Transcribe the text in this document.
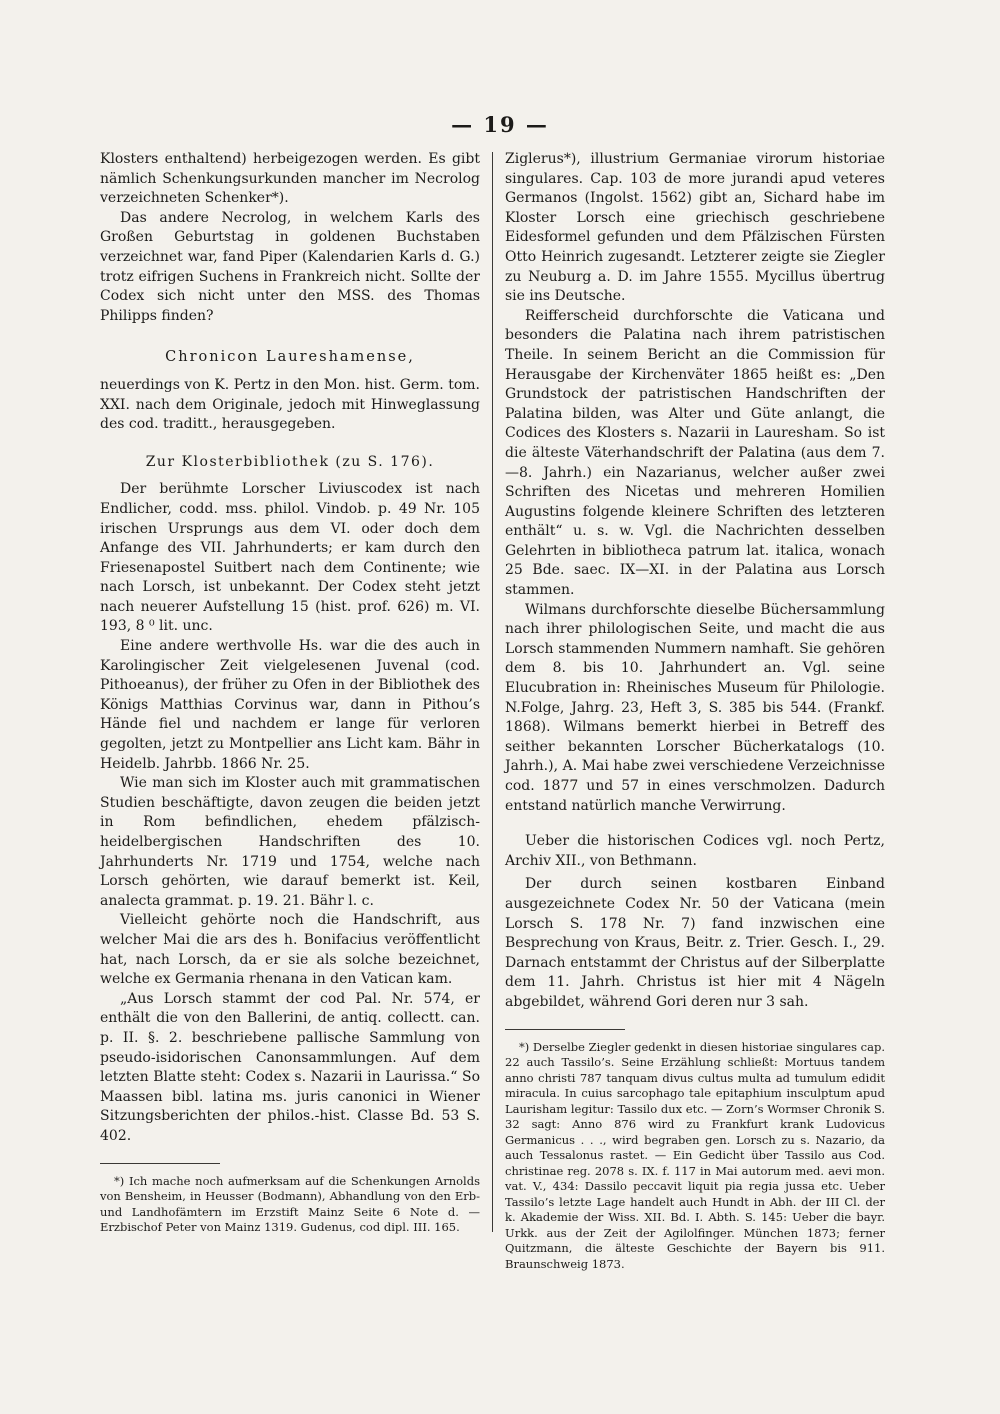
— 19 —

Klosters enthaltend) herbeigezogen werden. Es gibt nämlich Schenkungsurkunden mancher im Necrolog verzeichneten Schenker*).

Das andere Necrolog, in welchem Karls des Großen Geburtstag in goldenen Buchstaben verzeichnet war, fand Piper (Kalendarien Karls d. G.) trotz eifrigen Suchens in Frankreich nicht. Sollte der Codex sich nicht unter den MSS. des Thomas Philipps finden?

Chronicon Laureshamense,

neuerdings von K. Pertz in den Mon. hist. Germ. tom. XXI. nach dem Originale, jedoch mit Hinweglassung des cod. traditt., herausgegeben.

Zur Klosterbibliothek (zu S. 176).

Der berühmte Lorscher Liviuscodex ist nach Endlicher, codd. mss. philol. Vindob. p. 49 Nr. 105 irischen Ursprungs aus dem VI. oder doch dem Anfange des VII. Jahrhunderts; er kam durch den Friesenapostel Suitbert nach dem Continente; wie nach Lorsch, ist unbekannt. Der Codex steht jetzt nach neuerer Aufstellung 15 (hist. prof. 626) m. VI. 193, 8 ⁰ lit. unc.

Eine andere werthvolle Hs. war die des auch in Karolingischer Zeit vielgelesenen Juvenal (cod. Pithoeanus), der früher zu Ofen in der Bibliothek des Königs Matthias Corvinus war, dann in Pithou’s Hände fiel und nachdem er lange für verloren gegolten, jetzt zu Montpellier ans Licht kam. Bähr in Heidelb. Jahrbb. 1866 Nr. 25.

Wie man sich im Kloster auch mit grammatischen Studien beschäftigte, davon zeugen die beiden jetzt in Rom befindlichen, ehedem pfälzisch-heidelbergischen Handschriften des 10. Jahrhunderts Nr. 1719 und 1754, welche nach Lorsch gehörten, wie darauf bemerkt ist. Keil, analecta grammat. p. 19. 21. Bähr l. c.

Vielleicht gehörte noch die Handschrift, aus welcher Mai die ars des h. Bonifacius veröffentlicht hat, nach Lorsch, da er sie als solche bezeichnet, welche ex Germania rhenana in den Vatican kam.

„Aus Lorsch stammt der cod Pal. Nr. 574, er enthält die von den Ballerini, de antiq. collectt. can. p. II. §. 2. beschriebene pallische Sammlung von pseudo-isidorischen Canonsammlungen. Auf dem letzten Blatte steht: Codex s. Nazarii in Laurissa.“ So Maassen bibl. latina ms. juris canonici in Wiener Sitzungsberichten der philos.-hist. Classe Bd. 53 S. 402.

*) Ich mache noch aufmerksam auf die Schenkungen Arnolds von Bensheim, in Heusser (Bodmann), Abhandlung von den Erb- und Landhofämtern im Erzstift Mainz Seite 6 Note d. — Erzbischof Peter von Mainz 1319. Gudenus, cod dipl. III. 165.

Ziglerus*), illustrium Germaniae virorum historiae singulares. Cap. 103 de more jurandi apud veteres Germanos (Ingolst. 1562) gibt an, Sichard habe im Kloster Lorsch eine griechisch geschriebene Eidesformel gefunden und dem Pfälzischen Fürsten Otto Heinrich zugesandt. Letzterer zeigte sie Ziegler zu Neuburg a. D. im Jahre 1555. Mycillus übertrug sie ins Deutsche.

Reifferscheid durchforschte die Vaticana und besonders die Palatina nach ihrem patristischen Theile. In seinem Bericht an die Commission für Herausgabe der Kirchenväter 1865 heißt es: „Den Grundstock der patristischen Handschriften der Palatina bilden, was Alter und Güte anlangt, die Codices des Klosters s. Nazarii in Lauresham. So ist die älteste Väterhandschrift der Palatina (aus dem 7.—8. Jahrh.) ein Nazarianus, welcher außer zwei Schriften des Nicetas und mehreren Homilien Augustins folgende kleinere Schriften des letzteren enthält“ u. s. w. Vgl. die Nachrichten desselben Gelehrten in bibliotheca patrum lat. italica, wonach 25 Bde. saec. IX—XI. in der Palatina aus Lorsch stammen.

Wilmans durchforschte dieselbe Büchersammlung nach ihrer philologischen Seite, und macht die aus Lorsch stammenden Nummern namhaft. Sie gehören dem 8. bis 10. Jahrhundert an. Vgl. seine Elucubration in: Rheinisches Museum für Philologie. N.Folge, Jahrg. 23, Heft 3, S. 385 bis 544. (Frankf. 1868). Wilmans bemerkt hierbei in Betreff des seither bekannten Lorscher Bücherkatalogs (10. Jahrh.), A. Mai habe zwei verschiedene Verzeichnisse cod. 1877 und 57 in eines verschmolzen. Dadurch entstand natürlich manche Verwirrung.

Ueber die historischen Codices vgl. noch Pertz, Archiv XII., von Bethmann.

Der durch seinen kostbaren Einband ausgezeichnete Codex Nr. 50 der Vaticana (mein Lorsch S. 178 Nr. 7) fand inzwischen eine Besprechung von Kraus, Beitr. z. Trier. Gesch. I., 29. Darnach entstammt der Christus auf der Silberplatte dem 11. Jahrh. Christus ist hier mit 4 Nägeln abgebildet, während Gori deren nur 3 sah.

*) Derselbe Ziegler gedenkt in diesen historiae singulares cap. 22 auch Tassilo’s. Seine Erzählung schließt: Mortuus tandem anno christi 787 tanquam divus cultus multa ad tumulum edidit miracula. In cuius sarcophago tale epitaphium insculptum apud Laurisham legitur: Tassilo dux etc. — Zorn’s Wormser Chronik S. 32 sagt: Anno 876 wird zu Frankfurt krank Ludovicus Germanicus . . ., wird begraben gen. Lorsch zu s. Nazario, da auch Tessalonus rastet. — Ein Gedicht über Tassilo aus Cod. christinae reg. 2078 s. IX. f. 117 in Mai autorum med. aevi mon. vat. V., 434: Dassilo peccavit liquit pia regia jussa etc. Ueber Tassilo’s letzte Lage handelt auch Hundt in Abh. der III Cl. der k. Akademie der Wiss. XII. Bd. I. Abth. S. 145: Ueber die bayr. Urkk. aus der Zeit der Agilolfinger. München 1873; ferner Quitzmann, die älteste Geschichte der Bayern bis 911. Braunschweig 1873.
